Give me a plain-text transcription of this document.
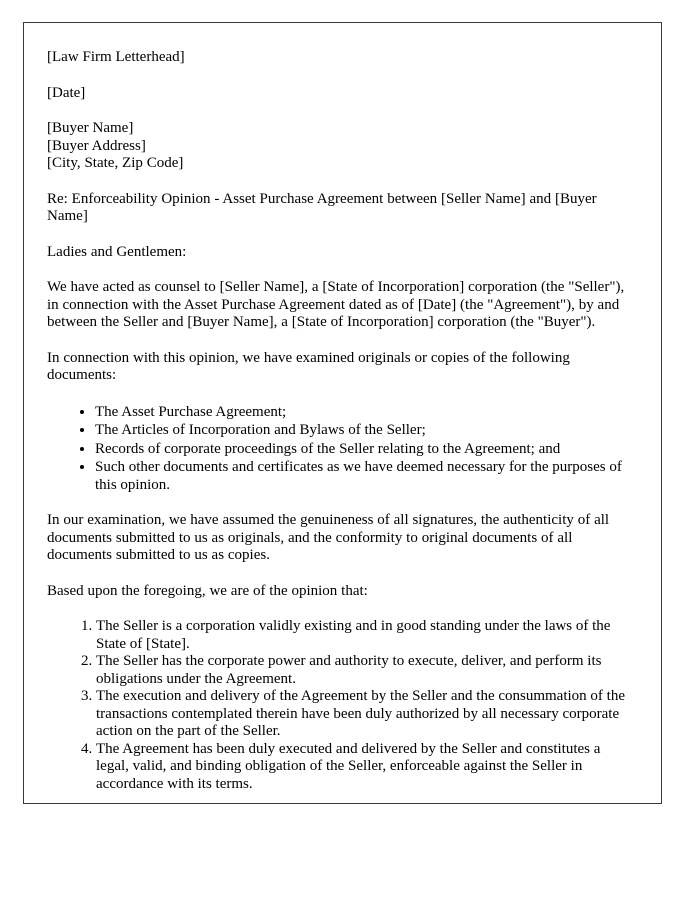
[Law Firm Letterhead]

[Date]

[Buyer Name]
[Buyer Address]
[City, State, Zip Code]

Re: Enforceability Opinion - Asset Purchase Agreement between [Seller Name] and [Buyer Name]

Ladies and Gentlemen:

We have acted as counsel to [Seller Name], a [State of Incorporation] corporation (the "Seller"), in connection with the Asset Purchase Agreement dated as of [Date] (the "Agreement"), by and between the Seller and [Buyer Name], a [State of Incorporation] corporation (the "Buyer").

In connection with this opinion, we have examined originals or copies of the following documents:

• The Asset Purchase Agreement;
• The Articles of Incorporation and Bylaws of the Seller;
• Records of corporate proceedings of the Seller relating to the Agreement; and
• Such other documents and certificates as we have deemed necessary for the purposes of this opinion.

In our examination, we have assumed the genuineness of all signatures, the authenticity of all documents submitted to us as originals, and the conformity to original documents of all documents submitted to us as copies.

Based upon the foregoing, we are of the opinion that:

1. The Seller is a corporation validly existing and in good standing under the laws of the State of [State].
2. The Seller has the corporate power and authority to execute, deliver, and perform its obligations under the Agreement.
3. The execution and delivery of the Agreement by the Seller and the consummation of the transactions contemplated therein have been duly authorized by all necessary corporate action on the part of the Seller.
4. The Agreement has been duly executed and delivered by the Seller and constitutes a legal, valid, and binding obligation of the Seller, enforceable against the Seller in accordance with its terms.
